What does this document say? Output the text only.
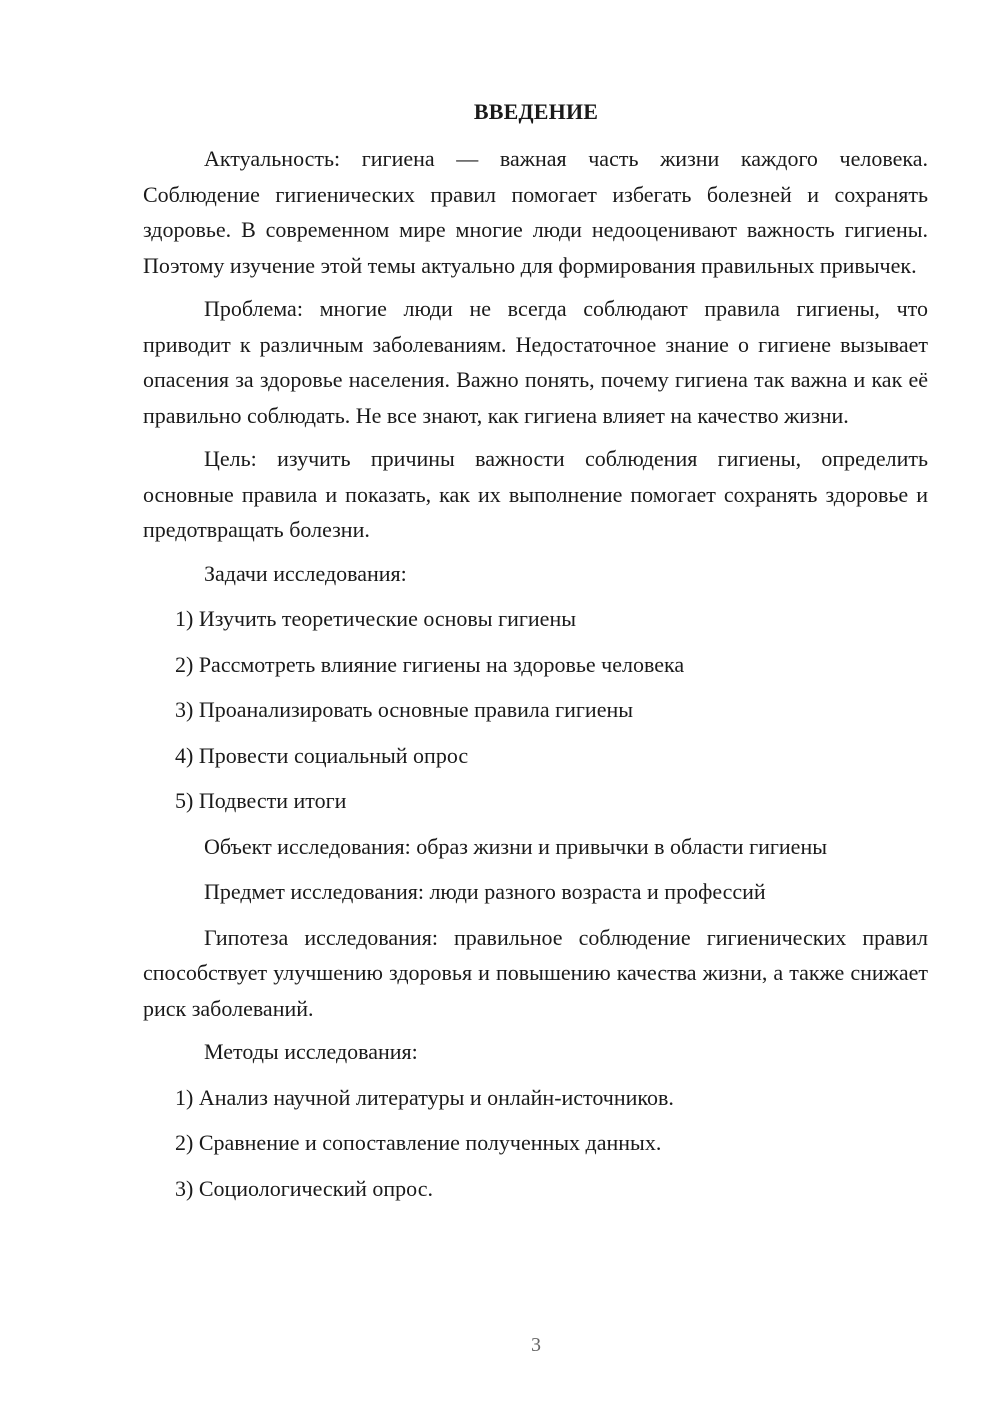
ВВЕДЕНИЕ

Актуальность: гигиена — важная часть жизни каждого человека. Соблюдение гигиенических правил помогает избегать болезней и сохранять здоровье. В современном мире многие люди недооценивают важность гигиены. Поэтому изучение этой темы актуально для формирования правильных привычек.

Проблема: многие люди не всегда соблюдают правила гигиены, что приводит к различным заболеваниям. Недостаточное знание о гигиене вызывает опасения за здоровье населения. Важно понять, почему гигиена так важна и как её правильно соблюдать. Не все знают, как гигиена влияет на качество жизни.

Цель: изучить причины важности соблюдения гигиены, определить основные правила и показать, как их выполнение помогает сохранять здоровье и предотвращать болезни.

Задачи исследования:
1) Изучить теоретические основы гигиены
2) Рассмотреть влияние гигиены на здоровье человека
3) Проанализировать основные правила гигиены
4) Провести социальный опрос
5) Подвести итоги
Объект исследования: образ жизни и привычки в области гигиены
Предмет исследования: люди разного возраста и профессий

Гипотеза исследования: правильное соблюдение гигиенических правил способствует улучшению здоровья и повышению качества жизни, а также снижает риск заболеваний.

Методы исследования:
1) Анализ научной литературы и онлайн-источников.
2) Сравнение и сопоставление полученных данных.
3) Социологический опрос.
3
